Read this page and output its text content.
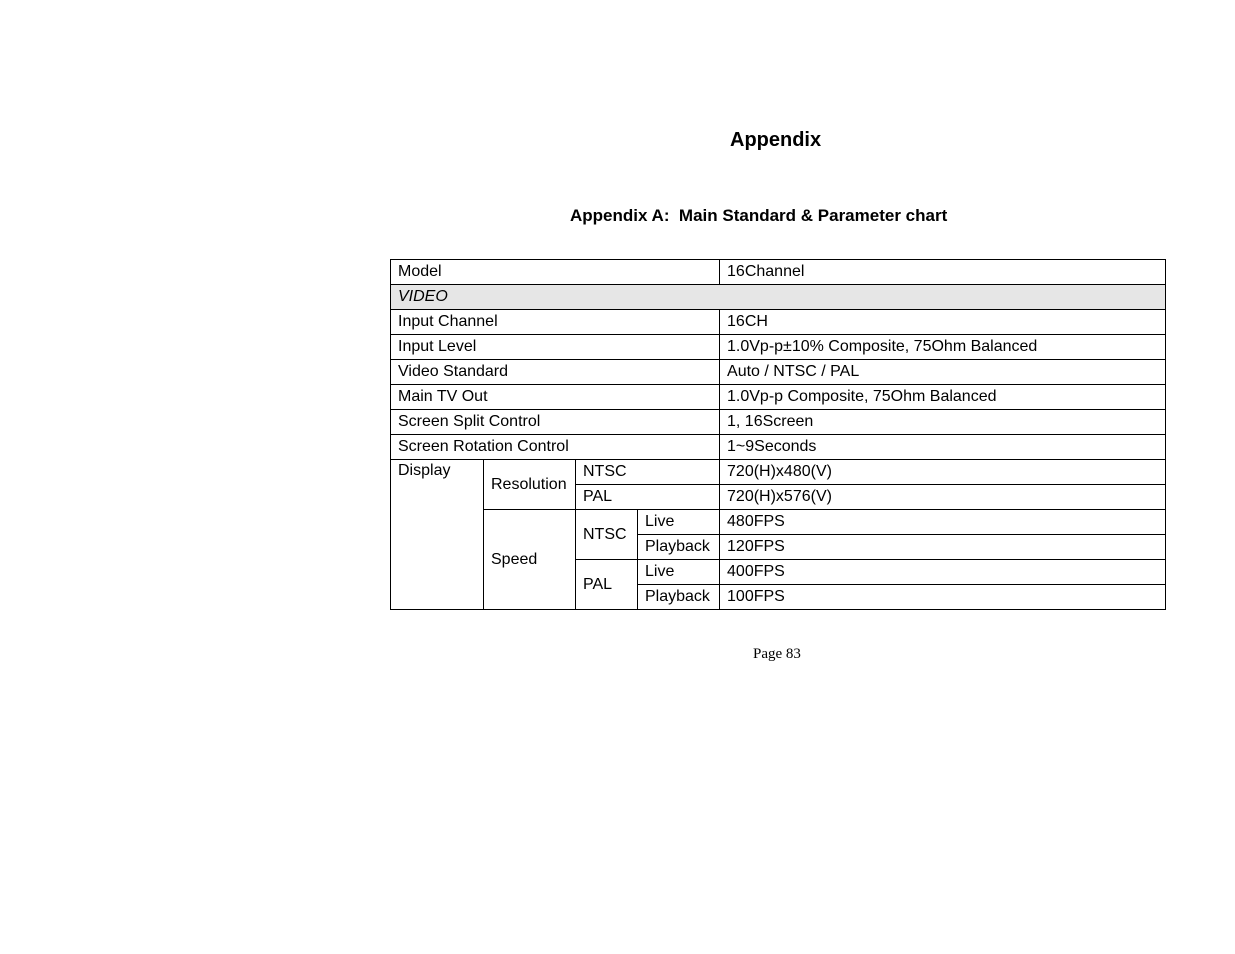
Appendix
Appendix A:  Main Standard & Parameter chart
Model				16Channel
VIDEO				
Input Channel				16CH
Input Level				1.0Vp-p±10% Composite, 75Ohm Balanced
Video Standard				Auto / NTSC / PAL
Main TV Out				1.0Vp-p Composite, 75Ohm Balanced
Screen Split Control				1, 16Screen
Screen Rotation Control				1~9Seconds
Display	Resolution	NTSC		720(H)x480(V)
		PAL		720(H)x576(V)
	Speed	NTSC	Live	480FPS
			Playback	120FPS
		PAL	Live	400FPS
			Playback	100FPS
Page 83
